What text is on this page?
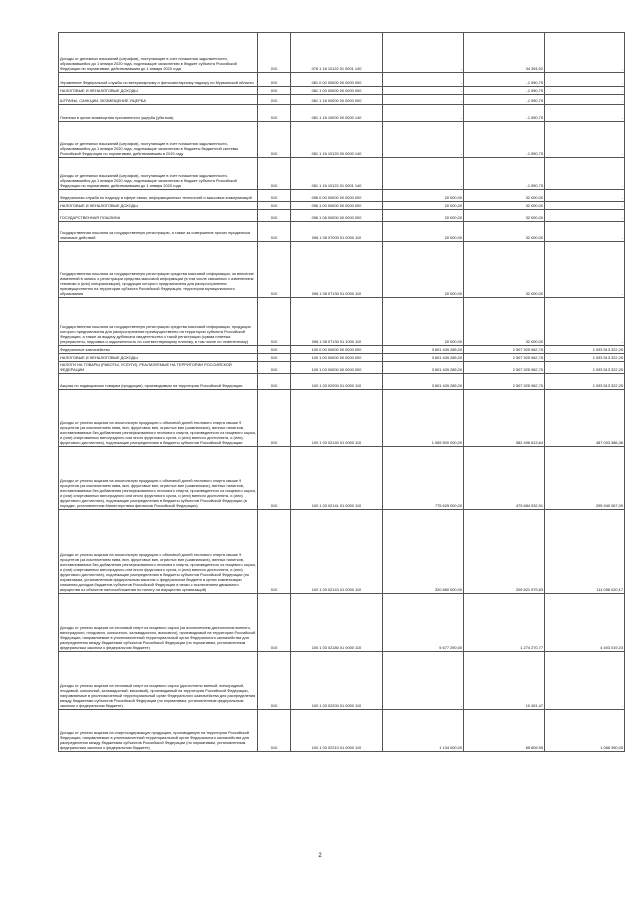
Доходы от денежных взысканий (штрафов), поступающие в счет погашения задолженности, образовавшейся до 1 января 2020 года, подлежащие зачислению в бюджет субъекта Российской Федерации по нормативам, действовавшим до 1 января 2020 года	010	076 1 16 10122 01 0001 140	-	34 394,52	-
Управление Федеральной службы по ветеринарному и фитосанитарному надзору по Мурманской области	010	081 0 00 00000 00 0000 000	-	-1 590,75	-
НАЛОГОВЫЕ И НЕНАЛОГОВЫЕ ДОХОДЫ	010	081 1 00 00000 00 0000 000	-	-1 590,75	-
ШТРАФЫ, САНКЦИИ, ВОЗМЕЩЕНИЕ УЩЕРБА	010	081 1 16 00000 00 0000 000	-	-1 590,75	-
Платежи в целях возмещения причиненного ущерба (убытков)	010	081 1 16 10000 00 0000 140	-	-1 590,75	-
Доходы от денежных взысканий (штрафов), поступающие в счет погашения задолженности, образовавшейся до 1 января 2020 года, подлежащие зачислению в бюджеты бюджетной системы Российской Федерации по нормативам, действовавшим в 2019 году	010	081 1 16 10120 00 0000 140	-	-1 590,75	-
Доходы от денежных взысканий (штрафов), поступающие в счет погашения задолженности, образовавшейся до 1 января 2020 года, подлежащие зачислению в бюджет субъекта Российской Федерации по нормативам, действовавшим до 1 января 2020 года	010	081 1 16 10122 01 0001 140	-	-1 590,75	-
Федеральная служба по надзору в сфере связи, информационных технологий и массовых коммуникаций	010	096 0 00 00000 00 0000 000	20 000,00	32 000,00	-
НАЛОГОВЫЕ И НЕНАЛОГОВЫЕ ДОХОДЫ	010	096 1 00 00000 00 0000 000	20 000,00	32 000,00	-
ГОСУДАРСТВЕННАЯ ПОШЛИНА	010	096 1 08 00000 00 0000 000	20 000,00	32 000,00	-
Государственная пошлина за государственную регистрацию, а также за совершение прочих юридически значимых действий	010	096 1 08 07000 01 0000 110	20 000,00	32 000,00	-
Государственная пошлина за государственную регистрацию средства массовой информации, за внесение изменений в запись о регистрации средства массовой информации (в том числе связанных с изменением тематики и (или) специализации), продукция которого предназначена для распространения преимущественно на территории субъекта Российской Федерации, территории муниципального образования	010	096 1 08 07130 01 0000 110	20 000,00	32 000,00	-
Государственная пошлина за государственную регистрацию средства массовой информации, продукция которого предназначена для распространения преимущественно на территории субъекта Российской Федерации, а также за выдачу дубликата свидетельства о такой регистрации (сумма платежа (перерасчеты, недоимка и задолженность по соответствующему платежу, в том числе по отмененному)	010	096 1 08 07130 01 1000 110	20 000,00	32 000,00	-
Федеральное казначейство	010	100 0 00 00000 00 0000 000	3 601 439 285,00	2 507 925 962,75	1 093 513 322,25
НАЛОГОВЫЕ И НЕНАЛОГОВЫЕ ДОХОДЫ	010	100 1 00 00000 00 0000 000	3 601 439 285,00	2 507 925 962,75	1 093 513 322,25
НАЛОГИ НА ТОВАРЫ (РАБОТЫ, УСЛУГИ), РЕАЛИЗУЕМЫЕ НА ТЕРРИТОРИИ РОССИЙСКОЙ ФЕДЕРАЦИИ	010	100 1 03 00000 00 0000 000	3 601 439 285,00	2 507 925 962,75	1 093 513 322,25
Акцизы по подакцизным товарам (продукции), производимым на территории Российской Федерации	010	100 1 03 02000 01 0000 110	3 601 439 285,00	2 507 925 962,75	1 093 513 322,25
Доходы от уплаты акцизов на алкогольную продукцию с объемной долей этилового спирта свыше 9 процентов (за исключением пива, вин, фруктовых вин, игристых вин (шампанских), винных напитков, изготавливаемых без добавления ректификованного этилового спирта, произведенного из пищевого сырья, и (или) спиртованных виноградного или иного фруктового сусла, и (или) винного дистиллята, и (или) фруктового дистиллята), подлежащие распределению в бюджеты субъектов Российской Федерации	010	100 1 03 02140 01 0000 110	1 069 500 000,00	582 496 613,64	487 003 386,36
Доходы от уплаты акцизов на алкогольную продукцию с объемной долей этилового спирта свыше 9 процентов (за исключением пива, вин, фруктовых вин, игристых вин (шампанских), винных напитков, изготавливаемых без добавления ректификованного этилового спирта, произведенного из пищевого сырья, и (или) спиртованных виноградного или иного фруктового сусла, и (или) винного дистиллята, и (или) фруктового дистиллята), подлежащие распределению в бюджеты субъектов Российской Федерации (в порядке, установленном Министерством финансов Российской Федерации)	010	100 1 03 02141 01 0000 110	775 625 000,00	479 684 932,91	295 940 067,09
Доходы от уплаты акцизов на алкогольную продукцию с объемной долей этилового спирта свыше 9 процентов (за исключением пива, вин, фруктовых вин, игристых вин (шампанских), винных напитков, изготавливаемых без добавления ректификованного этилового спирта, произведенного из пищевого сырья, и (или) спиртованных виноградного или иного фруктового сусла, и (или) винного дистиллята, и (или) фруктового дистиллята), подлежащие распределению в бюджеты субъектов Российской Федерации (по нормативам, установленным федеральным законом о федеральном бюджете в целях компенсации снижения доходов бюджетов субъектов Российской Федерации в связи с исключением движимого имущества из объектов налогообложения по налогу на имущество организаций)	010	100 1 03 02143 01 0000 110	320 880 000,00	209 821 979,83	111 058 020,17
Доходы от уплаты акцизов на этиловый спирт из пищевого сырья (за исключением дистиллятов винного, виноградного, плодового, коньячного, кальвадосного, вискового), производимый на территории Российской Федерации, направляемые в уполномоченный территориальный орган Федерального казначейства для распределения между бюджетами субъектов Российской Федерации (по нормативам, установленным федеральным законом о федеральном бюджете)	010	100 1 03 02180 01 0000 110	5 677 290,00	1 274 270,77	4 403 019,23
Доходы от уплаты акцизов на этиловый спирт из пищевого сырья (дистилляты винный, виноградный, плодовый, коньячный, кальвадосный, висковый), производимый на территории Российской Федерации, направляемые в уполномоченный территориальный орган Федерального казначейства для распределения между бюджетами субъектов Российской Федерации (по нормативам, установленным федеральным законом о федеральном бюджете)	010	100 1 03 02200 01 0000 110	-	10 451,47	-
Доходы от уплаты акцизов на спиртосодержащую продукцию, производимую на территории Российской Федерации, направляемые в уполномоченный территориальный орган Федерального казначейства для распределения между бюджетами субъектов Российской Федерации (по нормативам, установленным федеральным законом о федеральном бюджете)	010	100 1 03 02210 01 0000 110	1 134 000,00	65 609,95	1 068 390,05
2
